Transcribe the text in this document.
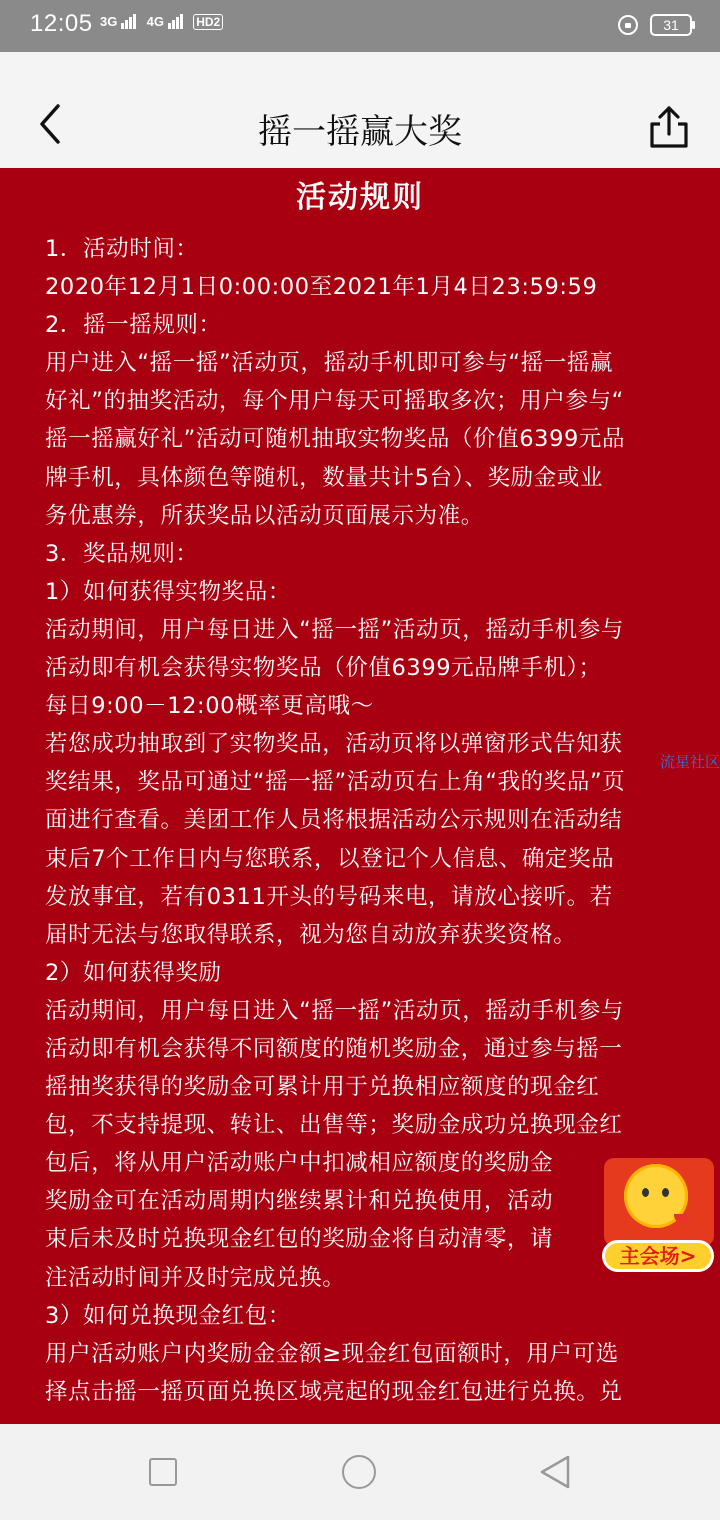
12:05 3G 4G	HD2	31
摇一摇赢大奖
活动规则
1．活动时间：
2020年12月1日0:00:00至2021年1月4日23:59:59
2．摇一摇规则：
用户进入“摇一摇”活动页，摇动手机即可参与“摇一摇赢
好礼”的抽奖活动，每个用户每天可摇取多次；用户参与“
摇一摇赢好礼”活动可随机抽取实物奖品（价值6399元品
牌手机，具体颜色等随机，数量共计5台）、奖励金或业
务优惠券，所获奖品以活动页面展示为准。
3．奖品规则：
1）如何获得实物奖品：
活动期间，用户每日进入“摇一摇”活动页，摇动手机参与
活动即有机会获得实物奖品（价值6399元品牌手机）；
每日9:00－12:00概率更高哦～
若您成功抽取到了实物奖品，活动页将以弹窗形式告知获
奖结果，奖品可通过“摇一摇”活动页右上角“我的奖品”页
面进行查看。美团工作人员将根据活动公示规则在活动结
束后7个工作日内与您联系，以登记个人信息、确定奖品
发放事宜，若有0311开头的号码来电，请放心接听。若
届时无法与您取得联系，视为您自动放弃获奖资格。
2）如何获得奖励
活动期间，用户每日进入“摇一摇”活动页，摇动手机参与
活动即有机会获得不同额度的随机奖励金，通过参与摇一
摇抽奖获得的奖励金可累计用于兑换相应额度的现金红
包，不支持提现、转让、出售等；奖励金成功兑换现金红
包后，将从用户活动账户中扣减相应额度的奖励金
奖励金可在活动周期内继续累计和兑换使用，活动
束后未及时兑换现金红包的奖励金将自动清零，请
注活动时间并及时完成兑换。
3）如何兑换现金红包：
用户活动账户内奖励金金额≥现金红包面额时，用户可选
择点击摇一摇页面兑换区域亮起的现金红包进行兑换。兑
流星社区
主会场>
